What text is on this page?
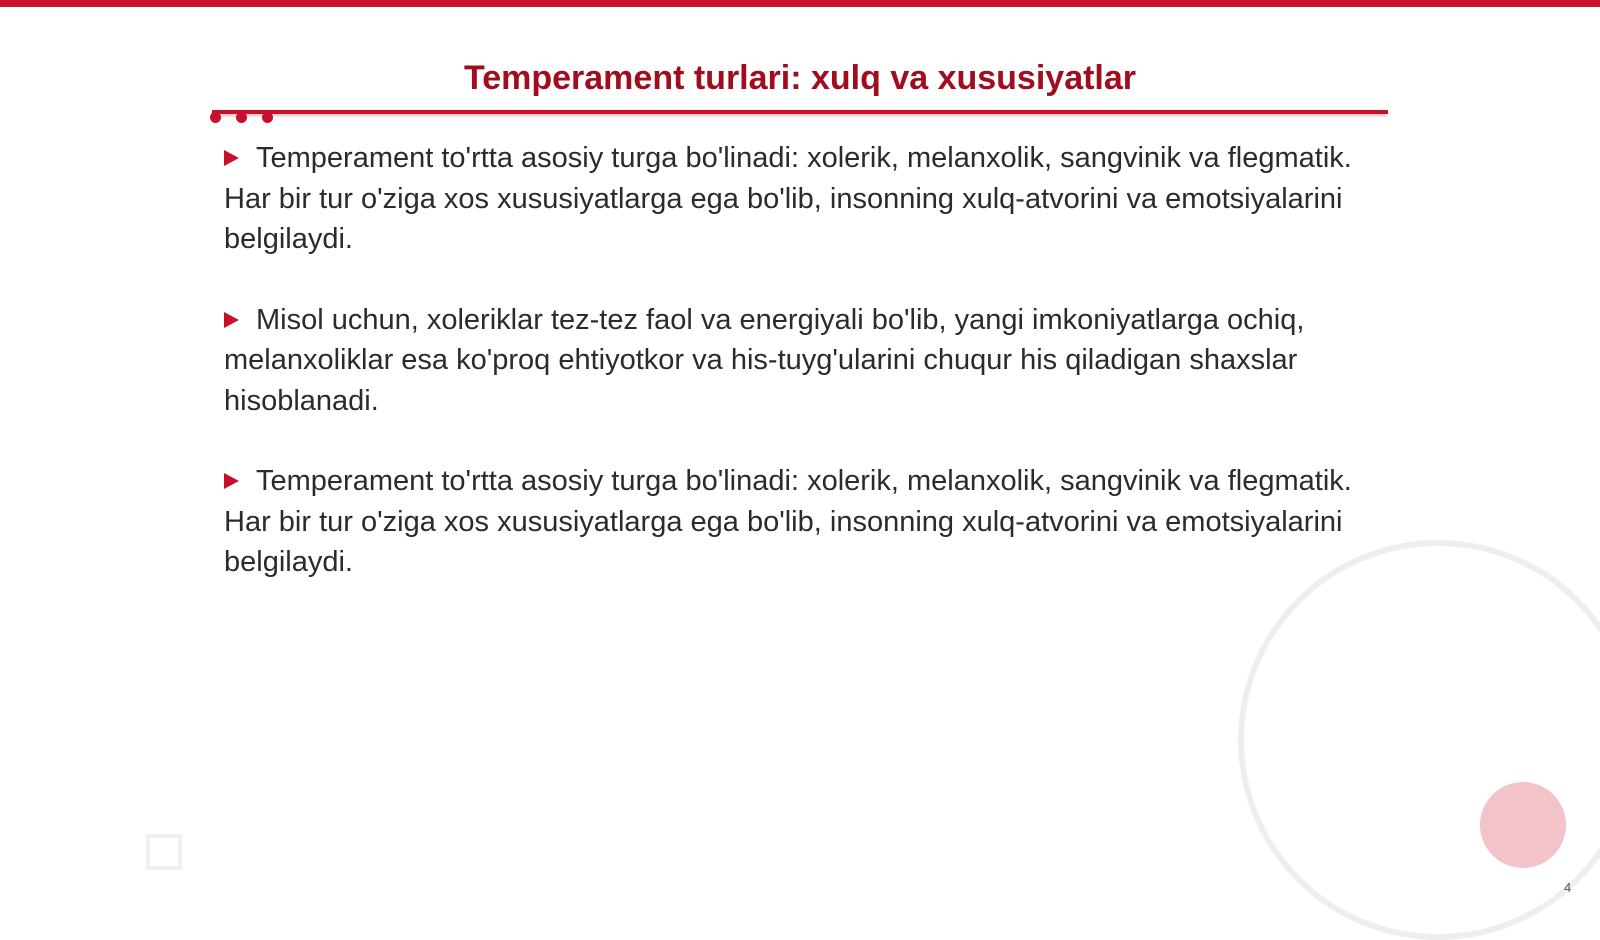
Temperament turlari: xulq va xususiyatlar
Temperament to'rtta asosiy turga bo'linadi: xolerik, melanxolik, sangvinik va flegmatik. Har bir tur o'ziga xos xususiyatlarga ega bo'lib, insonning xulq-atvorini va emotsiyalarini belgilaydi.
Misol uchun, xoleriklar tez-tez faol va energiyali bo'lib, yangi imkoniyatlarga ochiq, melanxoliklar esa ko'proq ehtiyotkor va his-tuyg'ularini chuqur his qiladigan shaxslar hisoblanadi.
Temperament to'rtta asosiy turga bo'linadi: xolerik, melanxolik, sangvinik va flegmatik. Har bir tur o'ziga xos xususiyatlarga ega bo'lib, insonning xulq-atvorini va emotsiyalarini belgilaydi.
4
